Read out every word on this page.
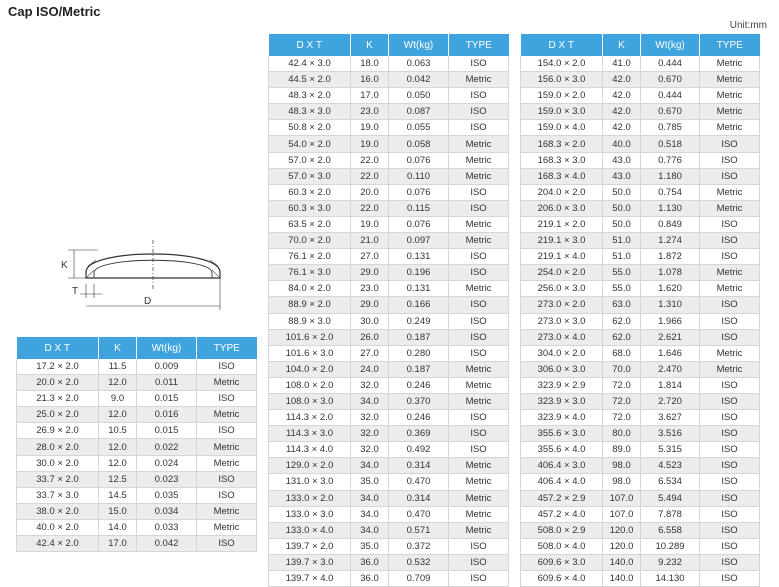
Cap ISO/Metric
Unit:mm
K
T
D
D X T	K	Wt(kg)	TYPE
17.2 × 2.0	11.5	0.009	ISO
20.0 × 2.0	12.0	0.011	Metric
21.3 × 2.0	9.0	0.015	ISO
25.0 × 2.0	12.0	0.016	Metric
26.9 × 2.0	10.5	0.015	ISO
28.0 × 2.0	12.0	0.022	Metric
30.0 × 2.0	12.0	0.024	Metric
33.7 × 2.0	12.5	0.023	ISO
33.7 × 3.0	14.5	0.035	ISO
38.0 × 2.0	15.0	0.034	Metric
40.0 × 2.0	14.0	0.033	Metric
42.4 × 2.0	17.0	0.042	ISO
D X T	K	Wt(kg)	TYPE
42.4 × 3.0	18.0	0.063	ISO
44.5 × 2.0	16.0	0.042	Metric
48.3 × 2.0	17.0	0.050	ISO
48.3 × 3.0	23.0	0.087	ISO
50.8 × 2.0	19.0	0.055	ISO
54.0 × 2.0	19.0	0.058	Metric
57.0 × 2.0	22.0	0.076	Metric
57.0 × 3.0	22.0	0.110	Metric
60.3 × 2.0	20.0	0.076	ISO
60.3 × 3.0	22.0	0.115	ISO
63.5 × 2.0	19.0	0.076	Metric
70.0 × 2.0	21.0	0.097	Metric
76.1 × 2.0	27.0	0.131	ISO
76.1 × 3.0	29.0	0.196	ISO
84.0 × 2.0	23.0	0.131	Metric
88.9 × 2.0	29.0	0.166	ISO
88.9 × 3.0	30.0	0.249	ISO
101.6 × 2.0	26.0	0.187	ISO
101.6 × 3.0	27.0	0.280	ISO
104.0 × 2.0	24.0	0.187	Metric
108.0 × 2.0	32.0	0.246	Metric
108.0 × 3.0	34.0	0.370	Metric
114.3 × 2.0	32.0	0.246	ISO
114.3 × 3.0	32.0	0.369	ISO
114.3 × 4.0	32.0	0.492	ISO
129.0 × 2.0	34.0	0.314	Metric
131.0 × 3.0	35.0	0.470	Metric
133.0 × 2.0	34.0	0.314	Metric
133.0 × 3.0	34.0	0.470	Metric
133.0 × 4.0	34.0	0.571	Metric
139.7 × 2.0	35.0	0.372	ISO
139.7 × 3.0	36.0	0.532	ISO
139.7 × 4.0	36.0	0.709	ISO
D X T	K	Wt(kg)	TYPE
154.0 × 2.0	41.0	0.444	Metric
156.0 × 3.0	42.0	0.670	Metric
159.0 × 2.0	42.0	0.444	Metric
159.0 × 3.0	42.0	0.670	Metric
159.0 × 4.0	42.0	0.785	Metric
168.3 × 2.0	40.0	0.518	ISO
168.3 × 3.0	43.0	0.776	ISO
168.3 × 4.0	43.0	1.180	ISO
204.0 × 2.0	50.0	0.754	Metric
206.0 × 3.0	50.0	1.130	Metric
219.1 × 2.0	50.0	0.849	ISO
219.1 × 3.0	51.0	1.274	ISO
219.1 × 4.0	51.0	1.872	ISO
254.0 × 2.0	55.0	1.078	Metric
256.0 × 3.0	55.0	1.620	Metric
273.0 × 2.0	63.0	1.310	ISO
273.0 × 3.0	62.0	1.966	ISO
273.0 × 4.0	62.0	2.621	ISO
304.0 × 2.0	68.0	1.646	Metric
306.0 × 3.0	70.0	2.470	Metric
323.9 × 2.9	72.0	1.814	ISO
323.9 × 3.0	72.0	2.720	ISO
323.9 × 4.0	72.0	3.627	ISO
355.6 × 3.0	80.0	3.516	ISO
355.6 × 4.0	89.0	5.315	ISO
406.4 × 3.0	98.0	4.523	ISO
406.4 × 4.0	98.0	6.534	ISO
457.2 × 2.9	107.0	5.494	ISO
457.2 × 4.0	107.0	7.878	ISO
508.0 × 2.9	120.0	6.558	ISO
508.0 × 4.0	120.0	10.289	ISO
609.6 × 3.0	140.0	9.232	ISO
609.6 × 4.0	140.0	14.130	ISO
